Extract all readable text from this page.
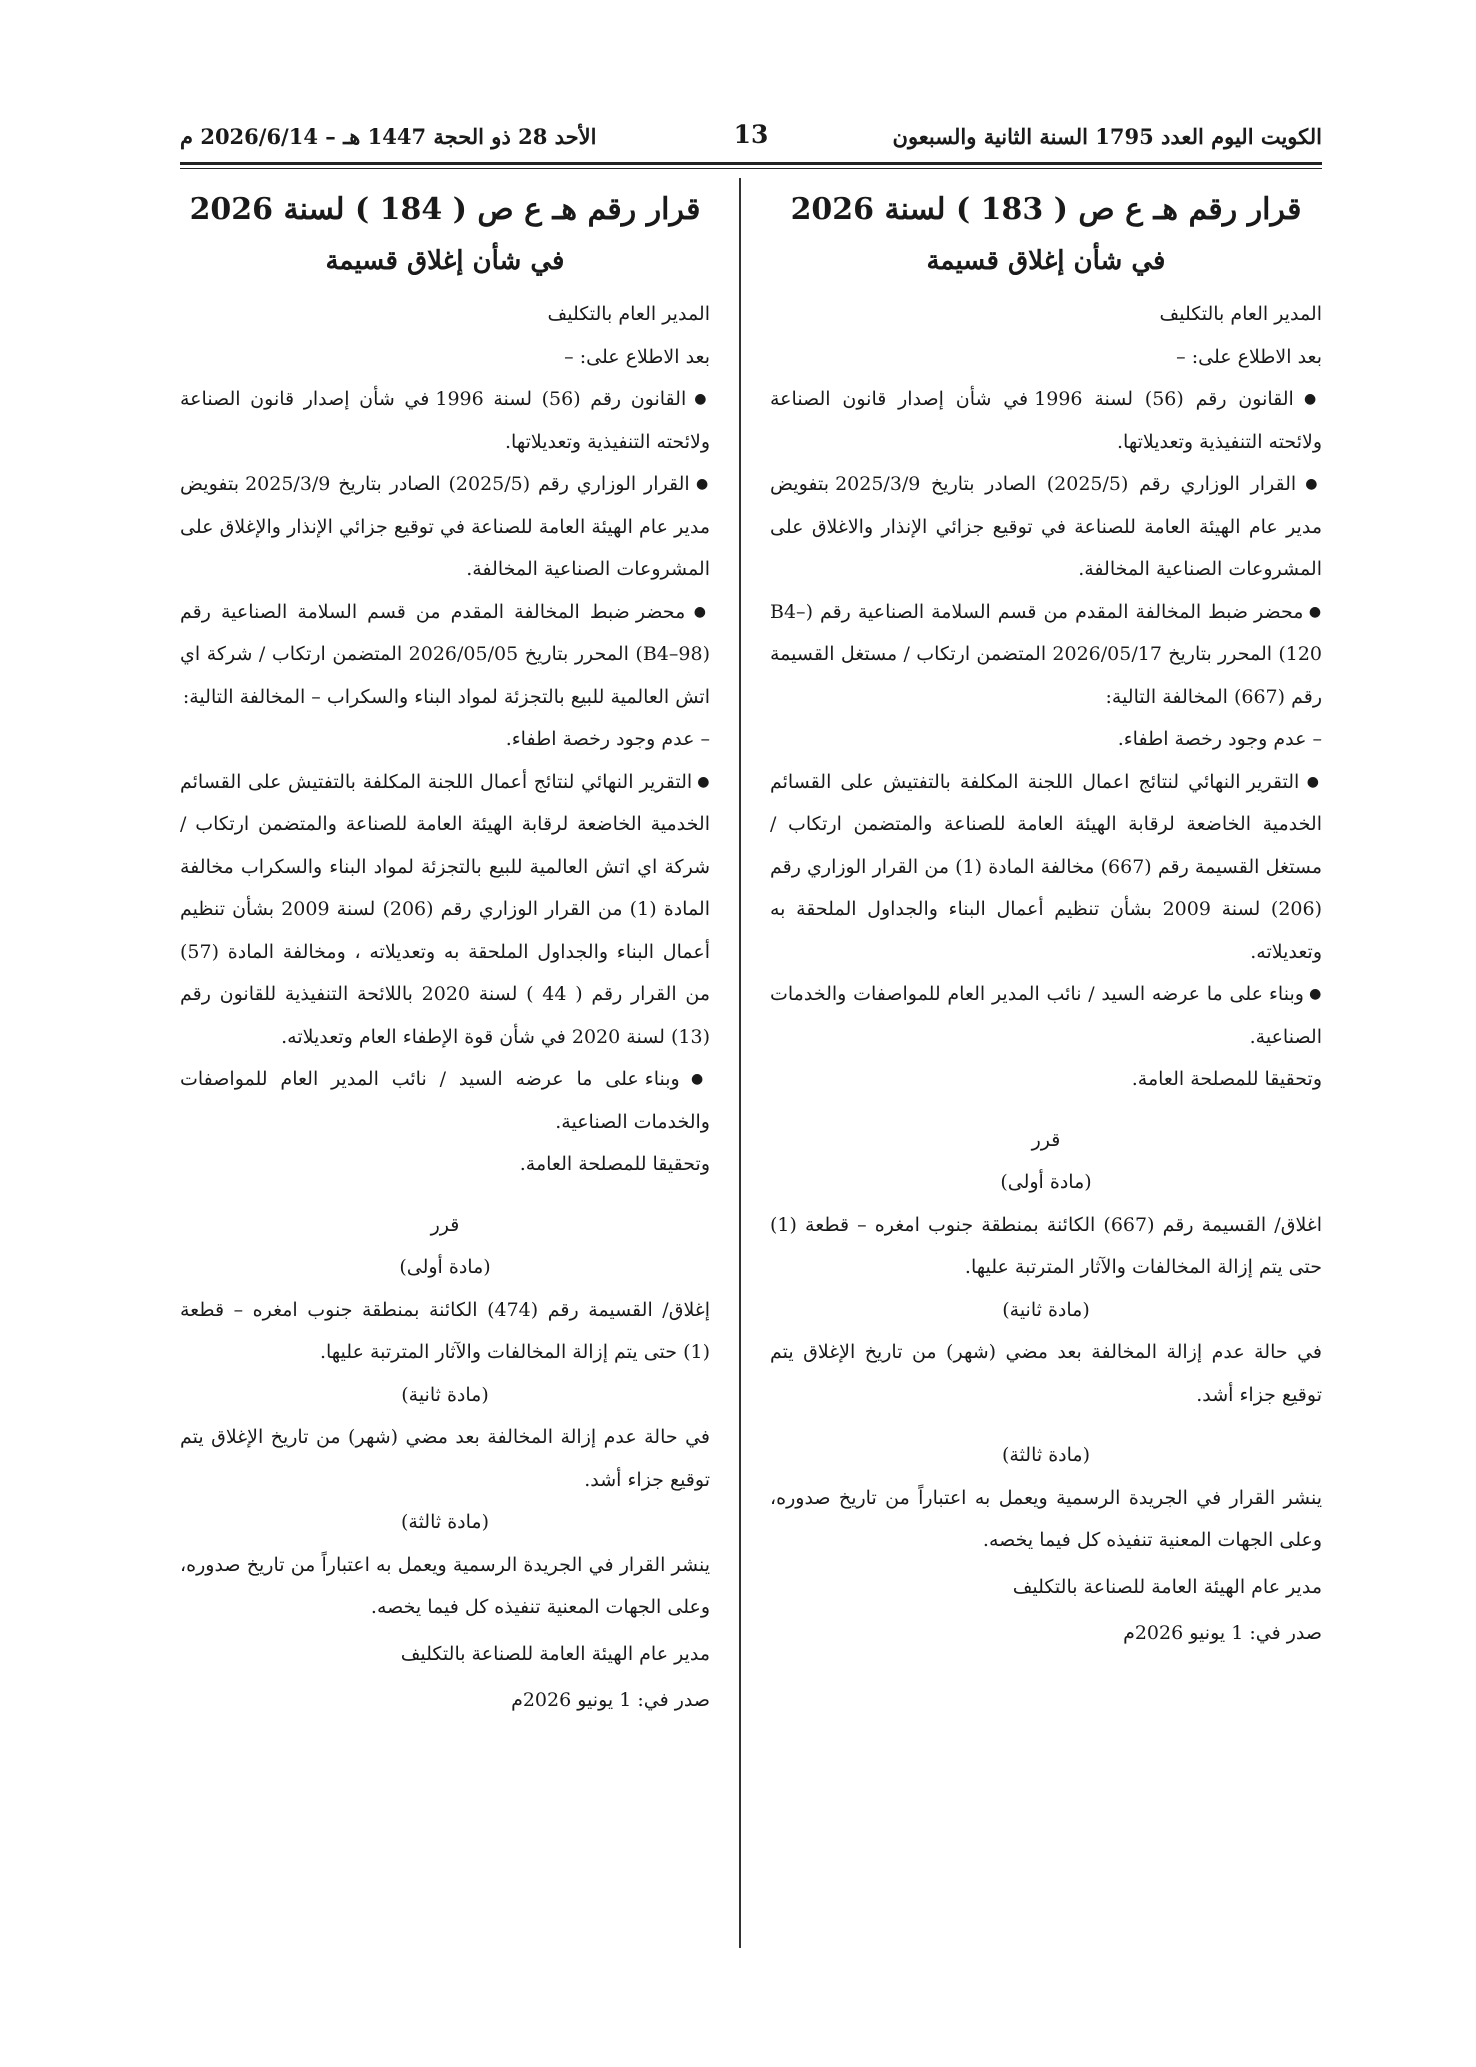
الكويت اليوم العدد 1795 السنة الثانية والسبعون
13
الأحد 28 ذو الحجة 1447 هـ – 2026/6/14 م

قرار رقم هـ ع ص ( 183 ) لسنة 2026

في شأن إغلاق قسيمة

المدير العام بالتكليف

بعد الاطلاع على: –

● القانون رقم (56) لسنة 1996 في شأن إصدار قانون الصناعة ولائحته التنفيذية وتعديلاتها.

● القرار الوزاري رقم (2025/5) الصادر بتاريخ 2025/3/9 بتفويض مدير عام الهيئة العامة للصناعة في توقيع جزائي الإنذار والاغلاق على المشروعات الصناعية المخالفة.

● محضر ضبط المخالفة المقدم من قسم السلامة الصناعية رقم (B4–120) المحرر بتاريخ 2026/05/17 المتضمن ارتكاب / مستغل القسيمة رقم (667) المخالفة التالية:

– عدم وجود رخصة اطفاء.

● التقرير النهائي لنتائج اعمال اللجنة المكلفة بالتفتيش على القسائم الخدمية الخاضعة لرقابة الهيئة العامة للصناعة والمتضمن ارتكاب / مستغل القسيمة رقم (667) مخالفة المادة (1) من القرار الوزاري رقم (206) لسنة 2009 بشأن تنظيم أعمال البناء والجداول الملحقة به وتعديلاته.

● وبناء على ما عرضه السيد / نائب المدير العام للمواصفات والخدمات الصناعية.

وتحقيقا للمصلحة العامة.

قرر

(مادة أولى)

اغلاق/ القسيمة رقم (667) الكائنة بمنطقة جنوب امغره – قطعة (1) حتى يتم إزالة المخالفات والآثار المترتبة عليها.

(مادة ثانية)

في حالة عدم إزالة المخالفة بعد مضي (شهر) من تاريخ الإغلاق يتم توقيع جزاء أشد.

(مادة ثالثة)

ينشر القرار في الجريدة الرسمية ويعمل به اعتباراً من تاريخ صدوره، وعلى الجهات المعنية تنفيذه كل فيما يخصه.

مدير عام الهيئة العامة للصناعة بالتكليف

صدر في: 1 يونيو 2026م

قرار رقم هـ ع ص ( 184 ) لسنة 2026

في شأن إغلاق قسيمة

المدير العام بالتكليف

بعد الاطلاع على: –

● القانون رقم (56) لسنة 1996 في شأن إصدار قانون الصناعة ولائحته التنفيذية وتعديلاتها.

● القرار الوزاري رقم (2025/5) الصادر بتاريخ 2025/3/9 بتفويض مدير عام الهيئة العامة للصناعة في توقيع جزائي الإنذار والإغلاق على المشروعات الصناعية المخالفة.

● محضر ضبط المخالفة المقدم من قسم السلامة الصناعية رقم (B4–98) المحرر بتاريخ 2026/05/05 المتضمن ارتكاب / شركة اي اتش العالمية للبيع بالتجزئة لمواد البناء والسكراب – المخالفة التالية:

– عدم وجود رخصة اطفاء.

● التقرير النهائي لنتائج أعمال اللجنة المكلفة بالتفتيش على القسائم الخدمية الخاضعة لرقابة الهيئة العامة للصناعة والمتضمن ارتكاب / شركة اي اتش العالمية للبيع بالتجزئة لمواد البناء والسكراب مخالفة المادة (1) من القرار الوزاري رقم (206) لسنة 2009 بشأن تنظيم أعمال البناء والجداول الملحقة به وتعديلاته ، ومخالفة المادة (57) من القرار رقم ( 44 ) لسنة 2020 باللائحة التنفيذية للقانون رقم (13) لسنة 2020 في شأن قوة الإطفاء العام وتعديلاته.

● وبناء على ما عرضه السيد / نائب المدير العام للمواصفات والخدمات الصناعية.

وتحقيقا للمصلحة العامة.

قرر

(مادة أولى)

إغلاق/ القسيمة رقم (474) الكائنة بمنطقة جنوب امغره – قطعة (1) حتى يتم إزالة المخالفات والآثار المترتبة عليها.

(مادة ثانية)

في حالة عدم إزالة المخالفة بعد مضي (شهر) من تاريخ الإغلاق يتم توقيع جزاء أشد.

(مادة ثالثة)

ينشر القرار في الجريدة الرسمية ويعمل به اعتباراً من تاريخ صدوره، وعلى الجهات المعنية تنفيذه كل فيما يخصه.

مدير عام الهيئة العامة للصناعة بالتكليف

صدر في: 1 يونيو 2026م
